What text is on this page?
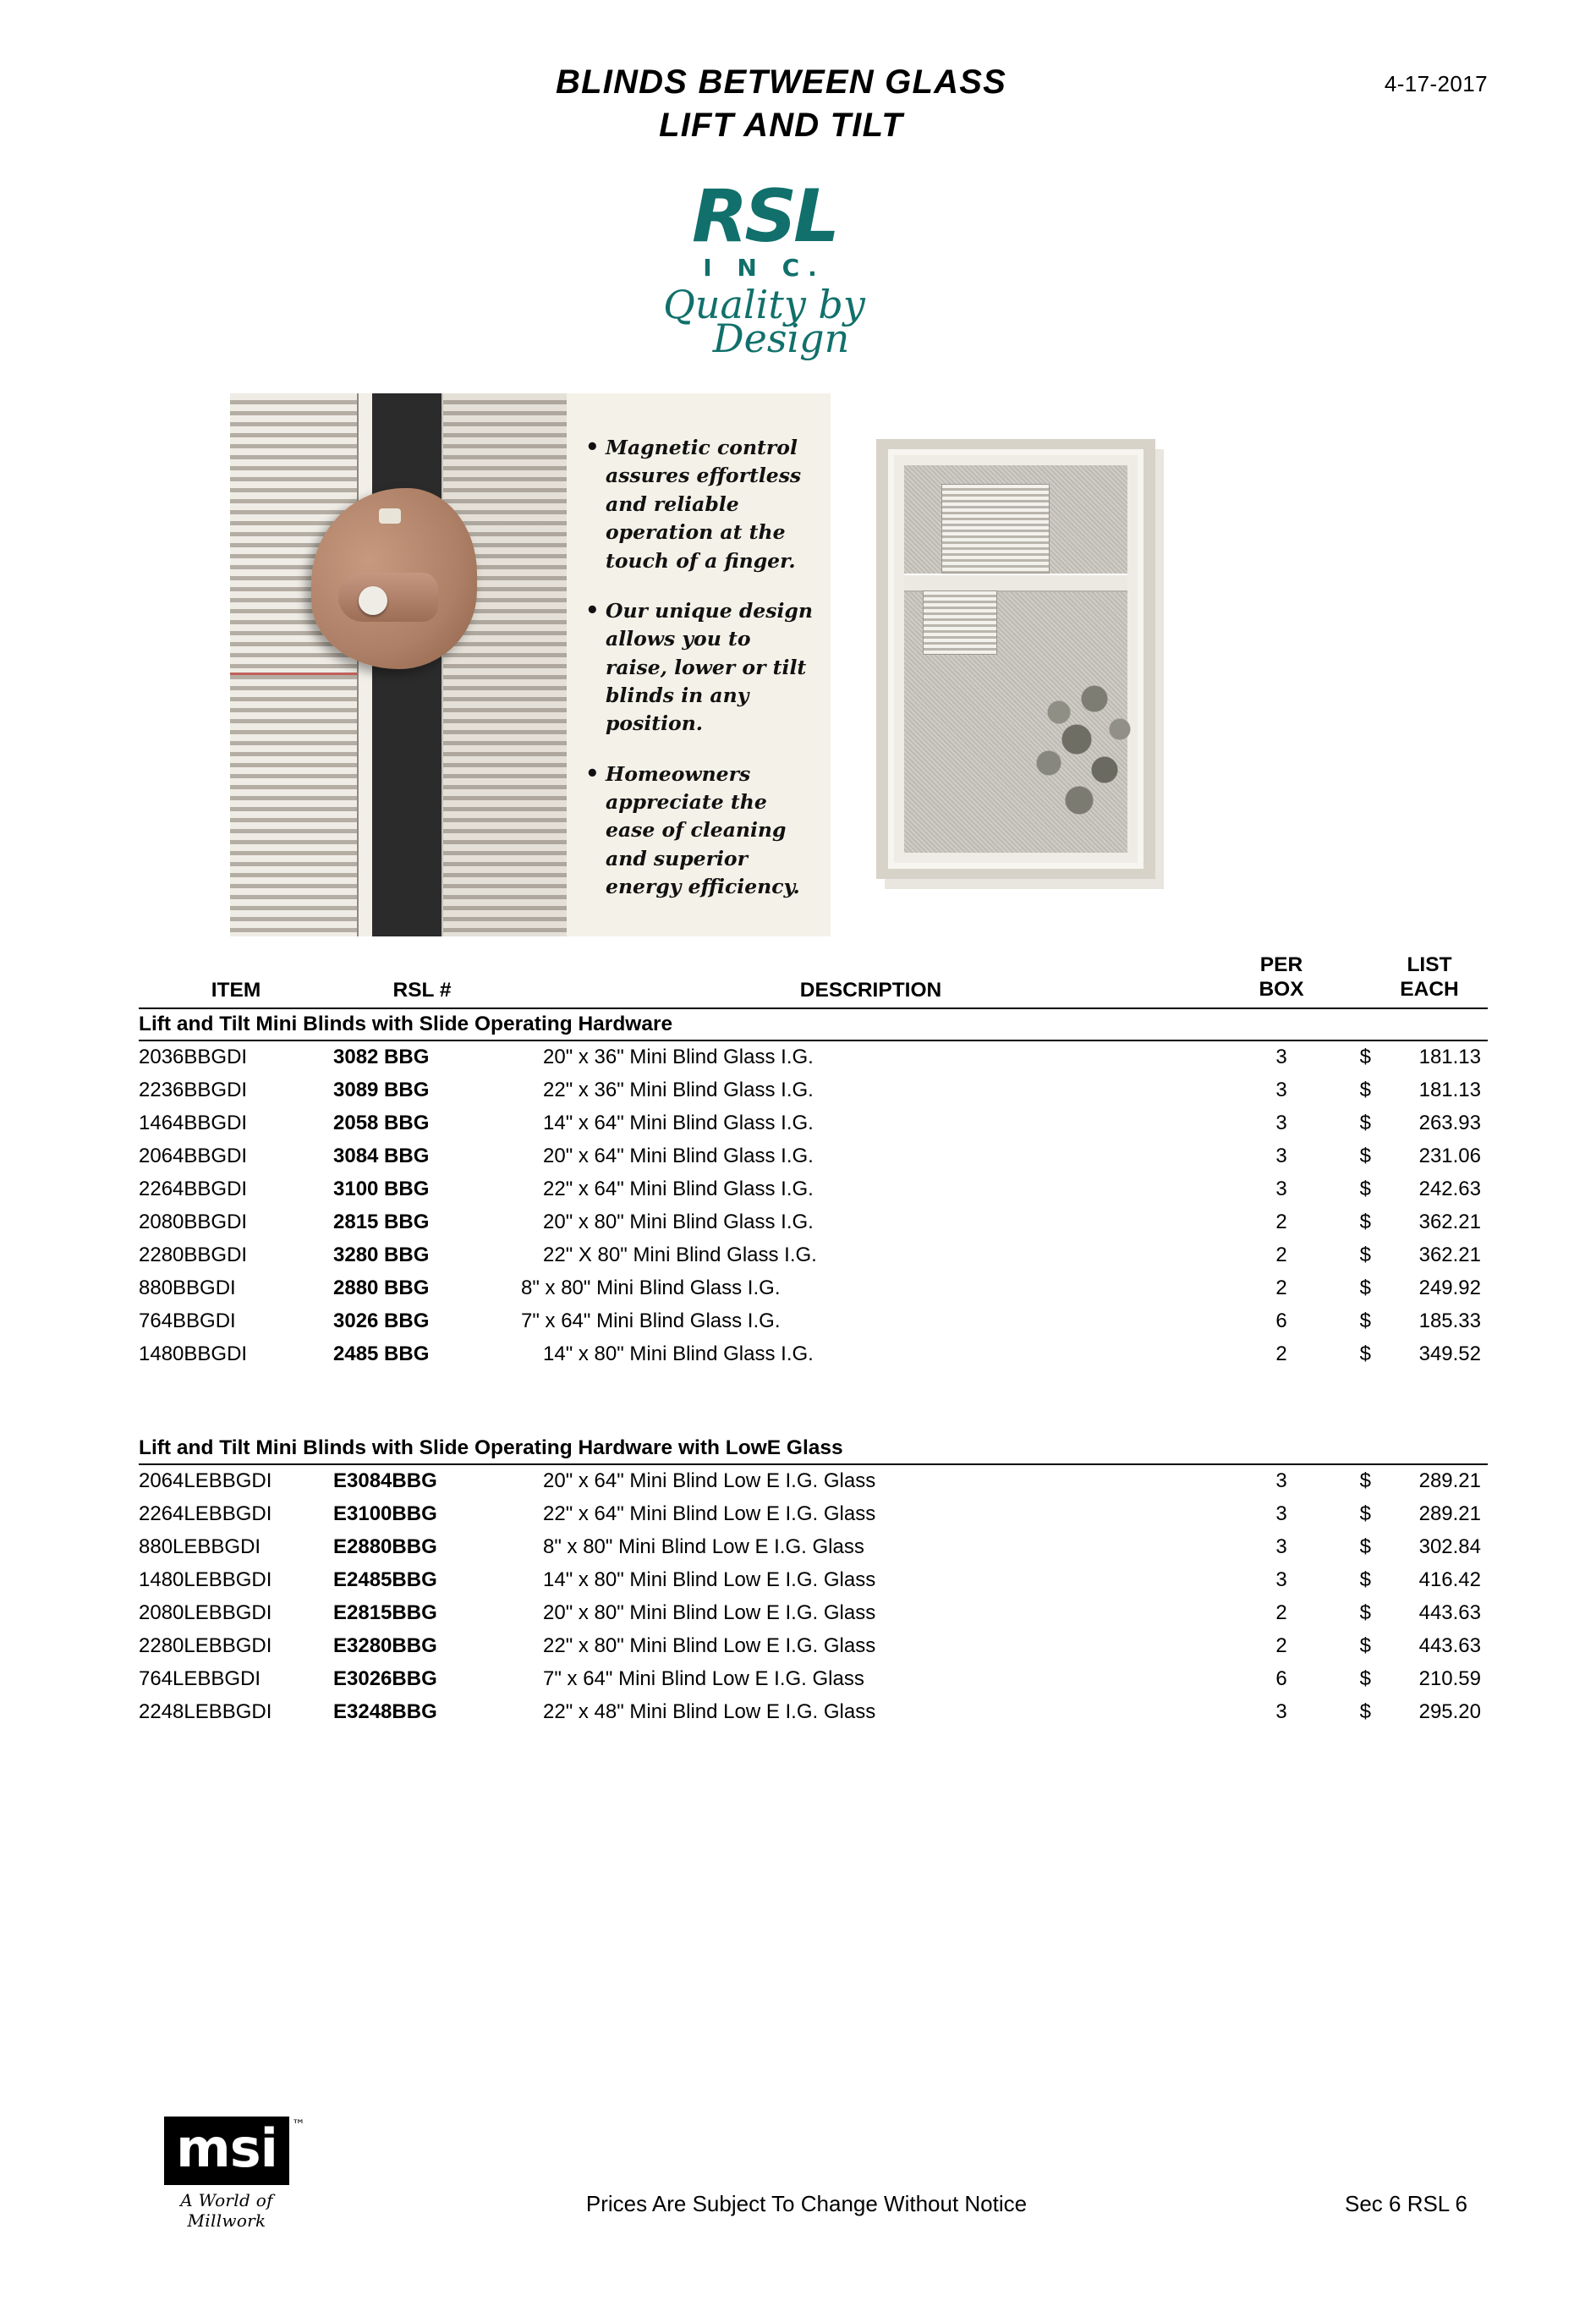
4-17-2017
BLINDS BETWEEN GLASS
LIFT AND TILT
RSL
I N C.
Quality by
Design
• Magnetic control assures effortless and reliable operation at the touch of a finger.
• Our unique design allows you to raise, lower or tilt blinds in any position.
• Homeowners appreciate the ease of cleaning and superior energy efficiency.
ITEM	RSL #	DESCRIPTION	
PER
BOX

LIST
EACH

Lift and Tilt Mini Blinds with Slide Operating Hardware					
2036BBGDI	3082 BBG	20" x 36" Mini Blind Glass I.G.	3	$	181.13
2236BBGDI	3089 BBG	22" x 36" Mini Blind Glass I.G.	3	$	181.13
1464BBGDI	2058 BBG	14" x 64" Mini Blind Glass I.G.	3	$	263.93
2064BBGDI	3084 BBG	20" x 64" Mini Blind Glass I.G.	3	$	231.06
2264BBGDI	3100 BBG	22" x 64" Mini Blind Glass I.G.	3	$	242.63
2080BBGDI	2815 BBG	20" x 80" Mini Blind Glass I.G.	2	$	362.21
2280BBGDI	3280 BBG	22" X 80" Mini Blind Glass I.G.	2	$	362.21
880BBGDI	2880 BBG	8" x 80" Mini Blind Glass I.G.	2	$	249.92
764BBGDI	3026 BBG	7" x 64" Mini Blind Glass I.G.	6	$	185.33
1480BBGDI	2485 BBG	14" x 80" Mini Blind Glass I.G.	2	$	349.52

Lift and Tilt Mini Blinds with Slide Operating Hardware with LowE Glass					
2064LEBBGDI	E3084BBG	20" x 64" Mini Blind Low E I.G. Glass	3	$	289.21
2264LEBBGDI	E3100BBG	22" x 64" Mini Blind Low E I.G. Glass	3	$	289.21
880LEBBGDI	E2880BBG	8" x 80" Mini Blind Low E I.G. Glass	3	$	302.84
1480LEBBGDI	E2485BBG	14" x 80" Mini Blind Low E I.G. Glass	3	$	416.42
2080LEBBGDI	E2815BBG	20" x 80" Mini Blind Low E I.G. Glass	2	$	443.63
2280LEBBGDI	E3280BBG	22" x 80" Mini Blind Low E I.G. Glass	2	$	443.63
764LEBBGDI	E3026BBG	7" x 64" Mini Blind Low E I.G. Glass	6	$	210.59
2248LEBBGDI	E3248BBG	22" x 48" Mini Blind Low E I.G. Glass	3	$	295.20
msi ™
A World of Millwork
Prices Are Subject To Change Without Notice	Sec 6 RSL 6
